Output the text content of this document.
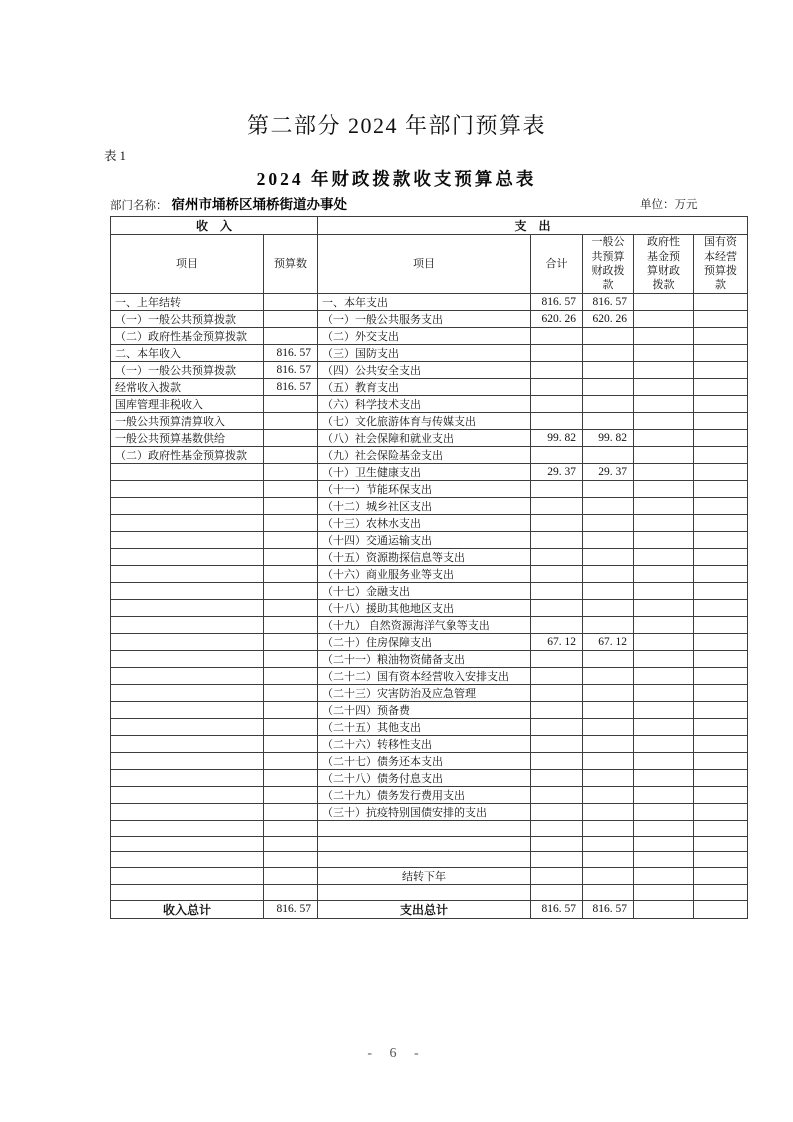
第二部分 2024 年部门预算表
表 1
2024 年财政拨款收支预算总表
部门名称： 宿州市埇桥区埇桥街道办事处	单位：万元
收　入		支　出				
项目	预算数	项目	合计	一般公共预算财政拨款	政府性基金预算财政拨款	国有资本经营预算拨款
一、上年结转		一、本年支出	816. 57	816. 57		
（一）一般公共预算拨款		（一）一般公共服务支出	620. 26	620. 26		
（二）政府性基金预算拨款		（二）外交支出				
二、本年收入	816. 57	（三）国防支出				
（一）一般公共预算拨款	816. 57	（四）公共安全支出				
经常收入拨款	816. 57	（五）教育支出				
国库管理非税收入		（六）科学技术支出				
一般公共预算清算收入		（七）文化旅游体育与传媒支出				
一般公共预算基数供给		（八）社会保障和就业支出	99. 82	99. 82		
（二）政府性基金预算拨款		（九）社会保险基金支出				
		（十）卫生健康支出	29. 37	29. 37		
		（十一）节能环保支出				
		（十二）城乡社区支出				
		（十三）农林水支出				
		（十四）交通运输支出				
		（十五）资源勘探信息等支出				
		（十六）商业服务业等支出				
		（十七）金融支出				
		（十八）援助其他地区支出				
		（十九） 自然资源海洋气象等支出				
		（二十）住房保障支出	67. 12	67. 12		
		（二十一）粮油物资储备支出				
		（二十二）国有资本经营收入安排支出				
		（二十三）灾害防治及应急管理				
		（二十四）预备费				
		（二十五）其他支出				
		（二十六）转移性支出				
		（二十七）债务还本支出				
		（二十八）债务付息支出				
		（二十九）债务发行费用支出				
		（三十）抗疫特别国债安排的支出				

		结转下年				

收入总计	816. 57	支出总计	816. 57	816. 57		
- 6 -
